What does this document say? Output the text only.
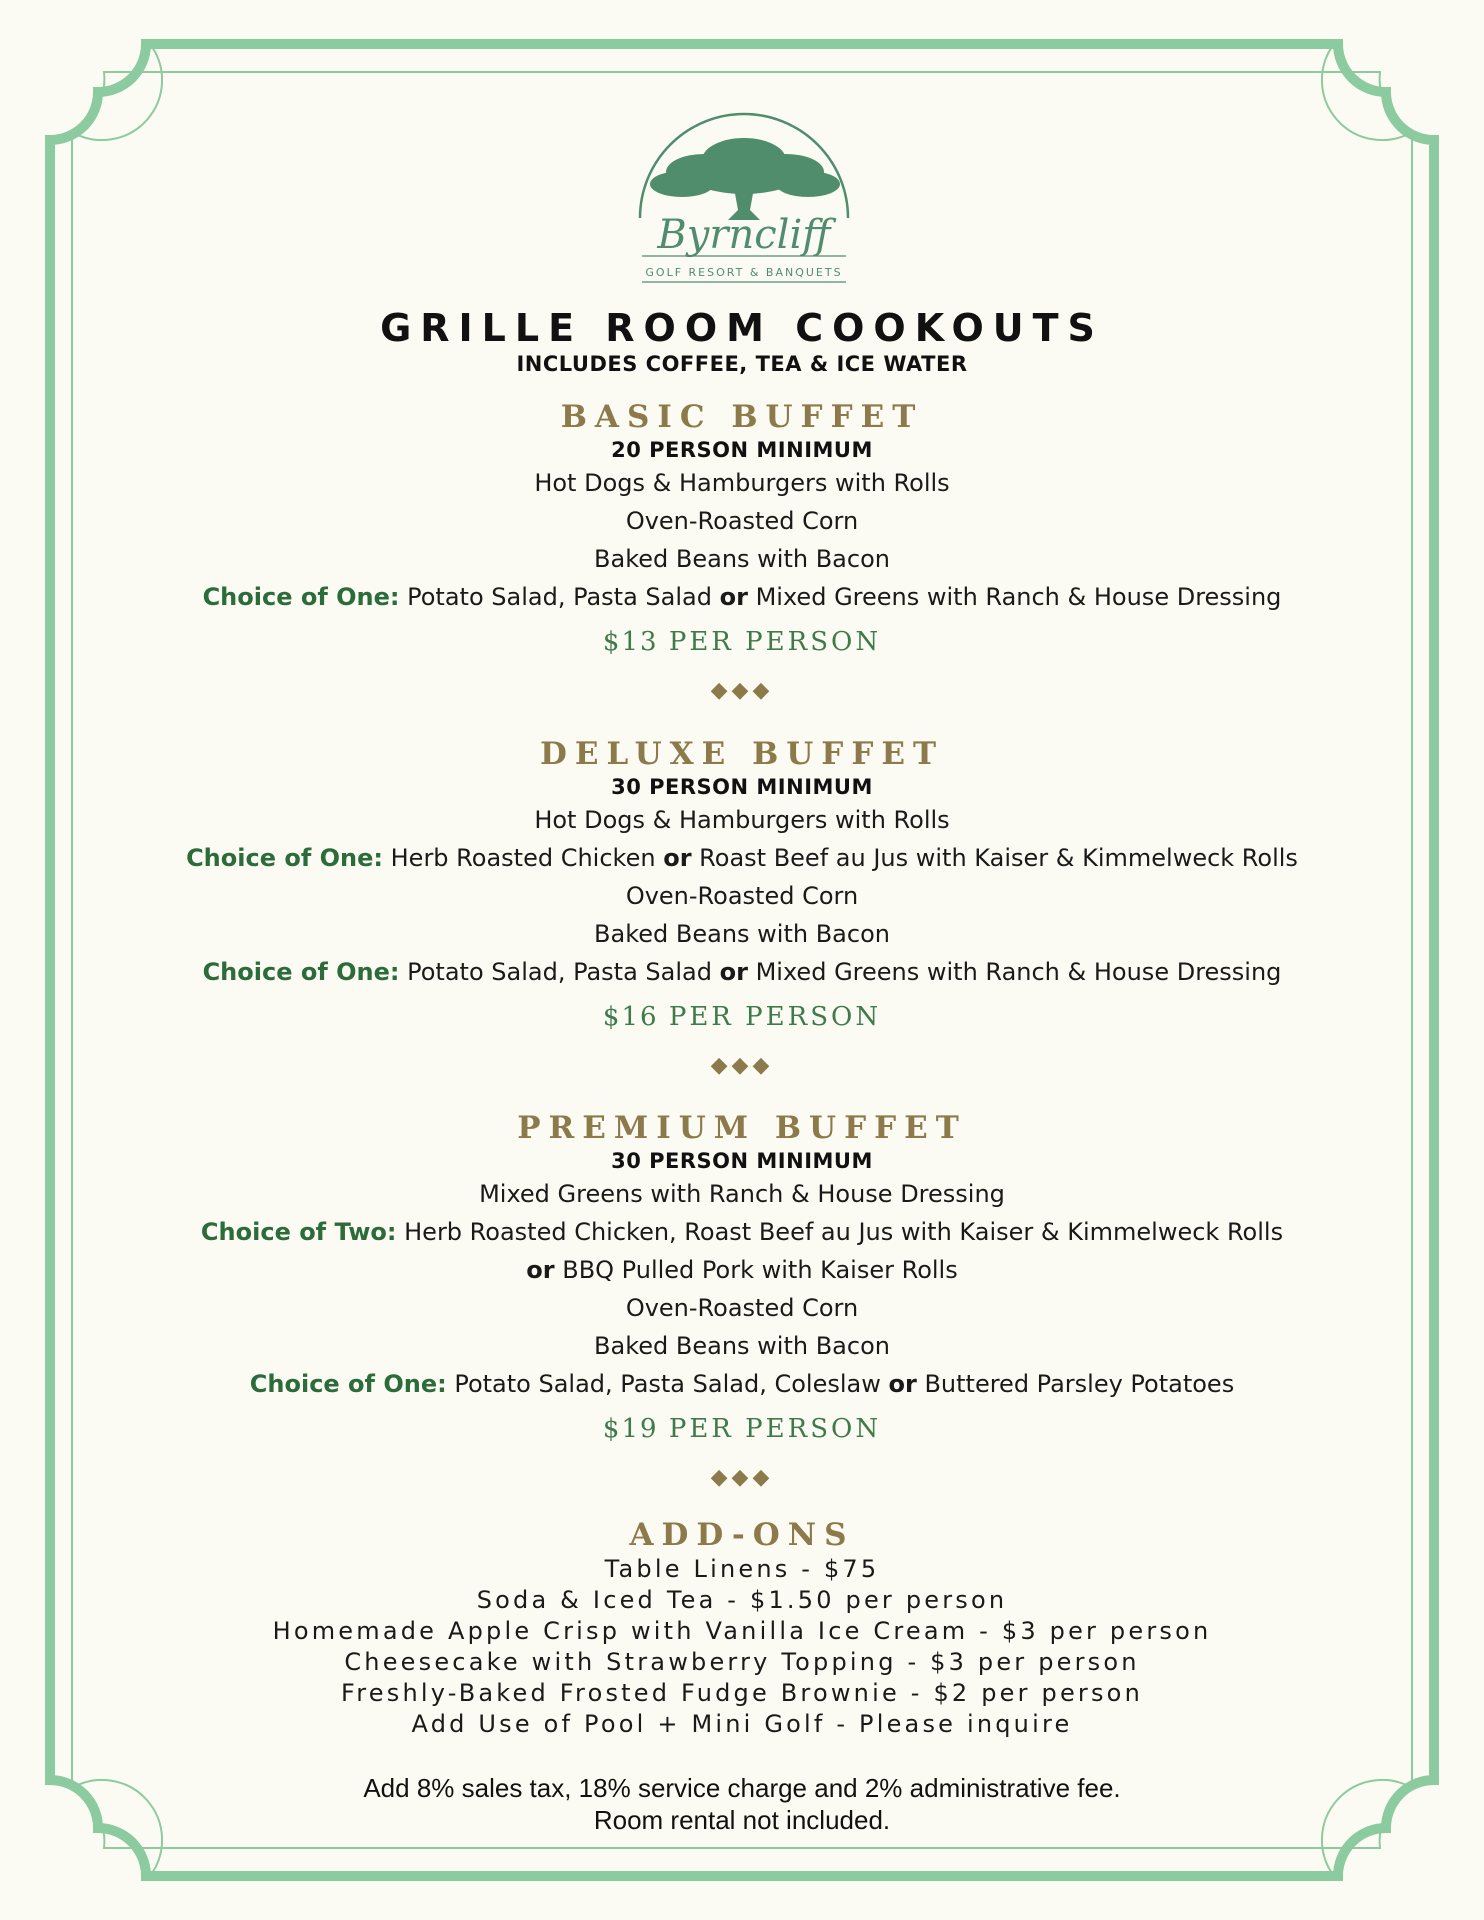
Byrncliff
GOLF RESORT & BANQUETS
GRILLE ROOM COOKOUTS
INCLUDES COFFEE, TEA & ICE WATER
BASIC BUFFET
20 PERSON MINIMUM
Hot Dogs & Hamburgers with Rolls
Oven-Roasted Corn
Baked Beans with Bacon
Choice of One: Potato Salad, Pasta Salad or Mixed Greens with Ranch & House Dressing
$13 PER PERSON
◆◆◆
DELUXE BUFFET
30 PERSON MINIMUM
Hot Dogs & Hamburgers with Rolls
Choice of One: Herb Roasted Chicken or Roast Beef au Jus with Kaiser & Kimmelweck Rolls
Oven-Roasted Corn
Baked Beans with Bacon
Choice of One: Potato Salad, Pasta Salad or Mixed Greens with Ranch & House Dressing
$16 PER PERSON
◆◆◆
PREMIUM BUFFET
30 PERSON MINIMUM
Mixed Greens with Ranch & House Dressing
Choice of Two: Herb Roasted Chicken, Roast Beef au Jus with Kaiser & Kimmelweck Rolls
or BBQ Pulled Pork with Kaiser Rolls
Oven-Roasted Corn
Baked Beans with Bacon
Choice of One: Potato Salad, Pasta Salad, Coleslaw or Buttered Parsley Potatoes
$19 PER PERSON
◆◆◆
ADD-ONS
Table Linens - $75
Soda & Iced Tea - $1.50 per person
Homemade Apple Crisp with Vanilla Ice Cream - $3 per person
Cheesecake with Strawberry Topping - $3 per person
Freshly-Baked Frosted Fudge Brownie - $2 per person
Add Use of Pool + Mini Golf - Please inquire
Add 8% sales tax, 18% service charge and 2% administrative fee.
Room rental not included.
